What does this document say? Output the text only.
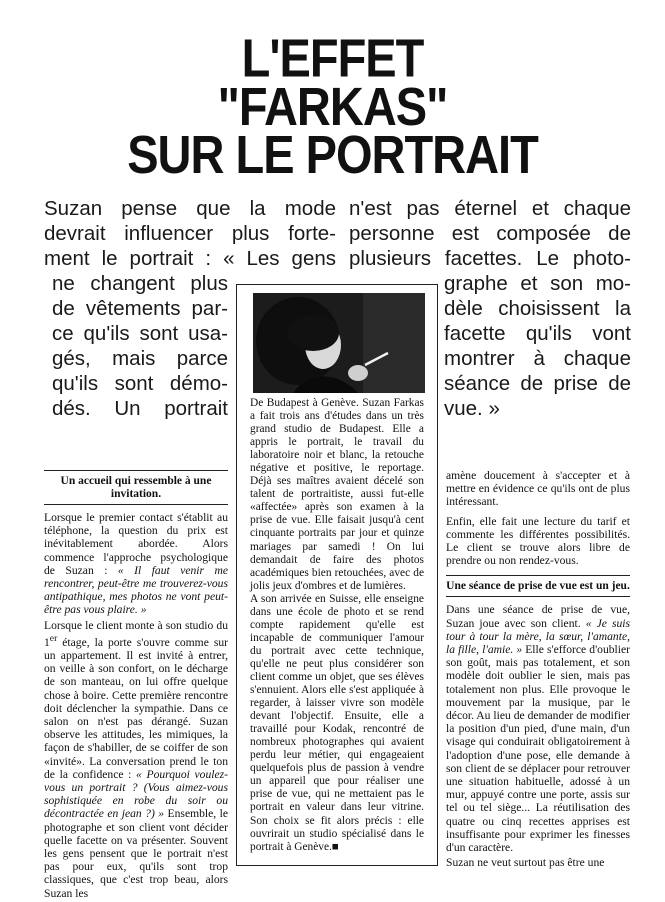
L'EFFET
"FARKAS"
SUR LE PORTRAIT
Suzan pense que la mode
devrait influencer plus forte-
ment le portrait : « Les gens
ne changent plus
de vêtements par-
ce qu'ils sont usa-
gés, mais parce
qu'ils sont démo-
dés. Un portrait
n'est pas éternel et chaque
personne est composée de
plusieurs facettes. Le photo-
graphe et son mo-
dèle choisissent la
facette qu'ils vont
montrer à chaque
séance de prise de
vue. »

De Budapest à Genève. Suzan Farkas a fait trois ans d'études dans un très grand studio de Budapest. Elle a appris le portrait, le travail du laboratoire noir et blanc, la retouche négative et positive, le reportage. Déjà ses maîtres avaient décelé son talent de portraitiste, aussi fut-elle «affectée» après son examen à la prise de vue. Elle faisait jusqu'à cent cinquante portraits par jour et quinze mariages par samedi ! On lui demandait de faire des photos académiques bien retouchées, avec de jolis jeux d'ombres et de lumières.

A son arrivée en Suisse, elle enseigne dans une école de photo et se rend compte rapidement qu'elle est incapable de communiquer l'amour du portrait avec cette technique, qu'elle ne peut plus considérer son client comme un objet, que ses élèves s'ennuient. Alors elle s'est appliquée à regarder, à laisser vivre son modèle devant l'objectif. Ensuite, elle a travaillé pour Kodak, rencontré de nombreux photographes qui avaient perdu leur métier, qui engageaient quelquefois plus de passion à vendre un appareil que pour réaliser une prise de vue, qui ne mettaient pas le portrait en valeur dans leur vitrine. Son choix se fit alors précis : elle ouvrirait un studio spécialisé dans le portrait à Genève.■

Un accueil qui ressemble à une invitation.

Lorsque le premier contact s'établit au téléphone, la question du prix est inévitablement abordée. Alors commence l'approche psychologique de Suzan : « Il faut venir me rencontrer, peut-être me trouverez-vous antipathique, mes photos ne vont peut-être pas vous plaire. »

Lorsque le client monte à son studio du 1er étage, la porte s'ouvre comme sur un appartement. Il est invité à entrer, on veille à son confort, on le décharge de son manteau, on lui offre quelque chose à boire. Cette première rencontre doit déclencher la sympathie. Dans ce salon on n'est pas dérangé. Suzan observe les attitudes, les mimiques, la façon de s'habiller, de se coiffer de son «invité». La conversation prend le ton de la confidence : « Pourquoi voulez-vous un portrait ? (Vous aimez-vous sophistiquée en robe du soir ou décontractée en jean ?) » Ensemble, le photographe et son client vont décider quelle facette on va présenter. Souvent les gens pensent que le portrait n'est pas pour eux, qu'ils sont trop classiques, que c'est trop beau, alors Suzan les

amène doucement à s'accepter et à mettre en évidence ce qu'ils ont de plus intéressant.

Enfin, elle fait une lecture du tarif et commente les différentes possibilités. Le client se trouve alors libre de prendre ou non rendez-vous.

Une séance de prise de vue est un jeu.

Dans une séance de prise de vue, Suzan joue avec son client. « Je suis tour à tour la mère, la sœur, l'amante, la fille, l'amie. » Elle s'efforce d'oublier son goût, mais pas totalement, et son modèle doit oublier le sien, mais pas totalement non plus. Elle provoque le mouvement par la musique, par le décor. Au lieu de demander de modifier la position d'un pied, d'une main, d'un visage qui conduirait obligatoirement à l'adoption d'une pose, elle demande à son client de se déplacer pour retrouver une situation habituelle, adossé à un mur, appuyé contre une porte, assis sur tel ou tel siège... La réutilisation des quatre ou cinq recettes apprises est insuffisante pour exprimer les finesses d'un caractère.

Suzan ne veut surtout pas être une
